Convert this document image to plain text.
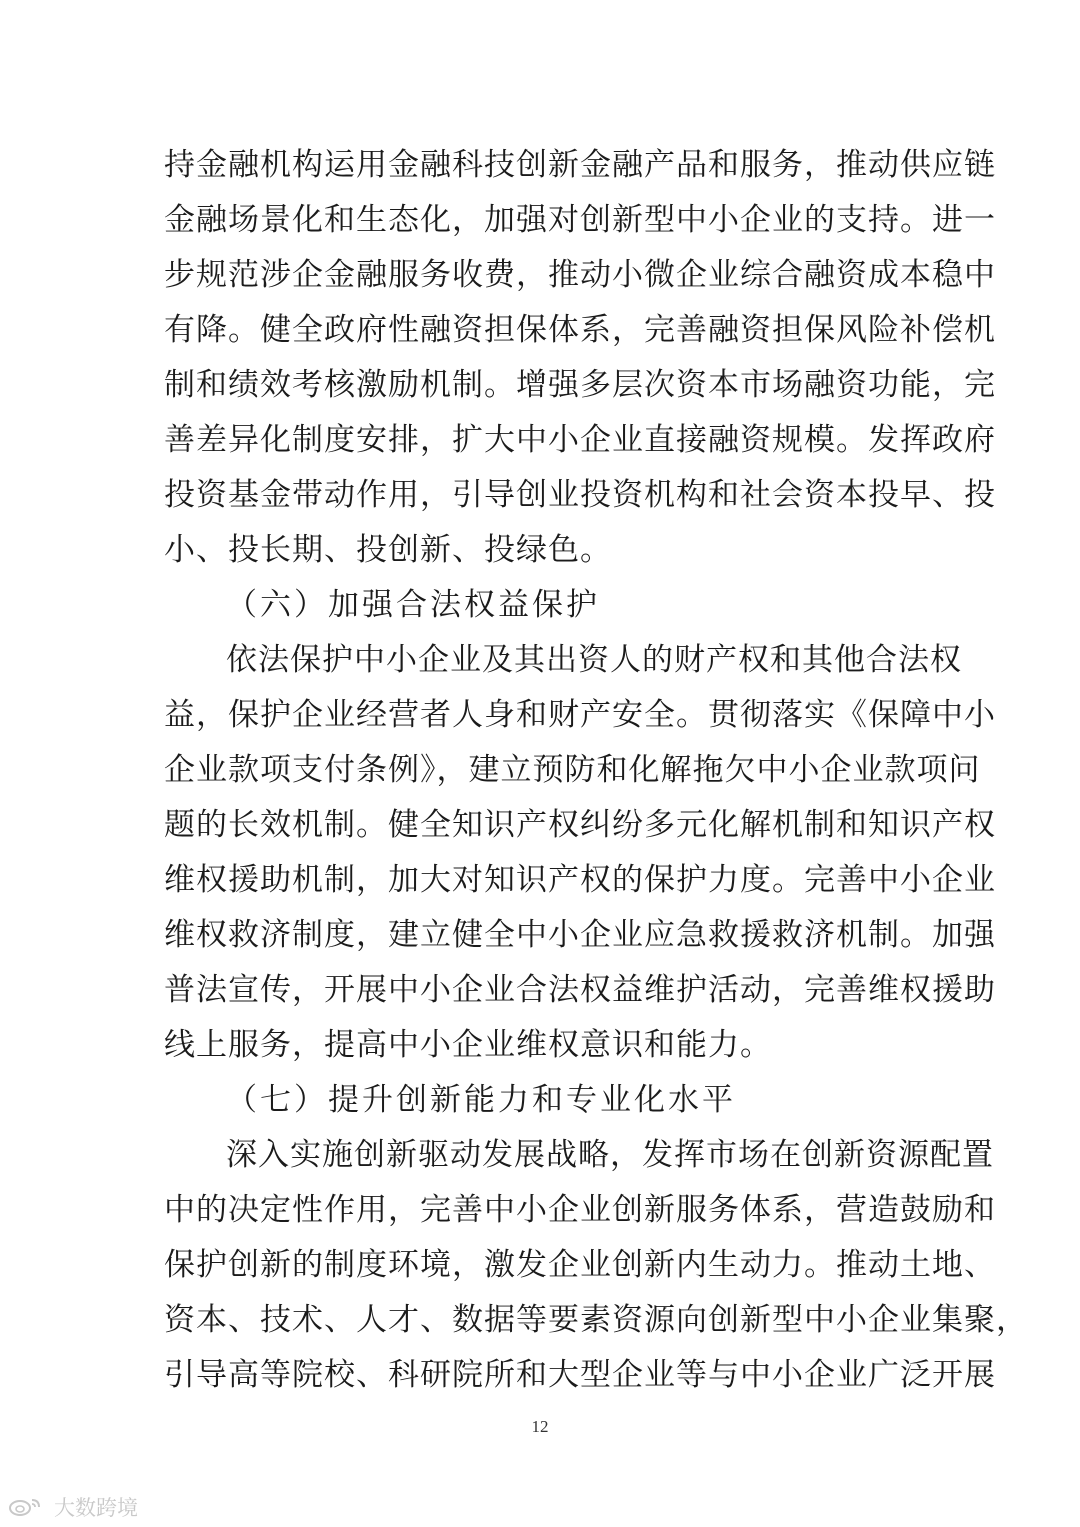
持金融机构运用金融科技创新金融产品和服务，推动供应链
金融场景化和生态化，加强对创新型中小企业的支持。进一
步规范涉企金融服务收费，推动小微企业综合融资成本稳中
有降。健全政府性融资担保体系，完善融资担保风险补偿机
制和绩效考核激励机制。增强多层次资本市场融资功能，完
善差异化制度安排，扩大中小企业直接融资规模。发挥政府
投资基金带动作用，引导创业投资机构和社会资本投早、投
小、投长期、投创新、投绿色。
（六）加强合法权益保护
依法保护中小企业及其出资人的财产权和其他合法权
益，保护企业经营者人身和财产安全。贯彻落实《保障中小
企业款项支付条例》，建立预防和化解拖欠中小企业款项问
题的长效机制。健全知识产权纠纷多元化解机制和知识产权
维权援助机制，加大对知识产权的保护力度。完善中小企业
维权救济制度，建立健全中小企业应急救援救济机制。加强
普法宣传，开展中小企业合法权益维护活动，完善维权援助
线上服务，提高中小企业维权意识和能力。
（七）提升创新能力和专业化水平
深入实施创新驱动发展战略，发挥市场在创新资源配置
中的决定性作用，完善中小企业创新服务体系，营造鼓励和
保护创新的制度环境，激发企业创新内生动力。推动土地、
资本、技术、人才、数据等要素资源向创新型中小企业集聚，
引导高等院校、科研院所和大型企业等与中小企业广泛开展
12
大数跨境
